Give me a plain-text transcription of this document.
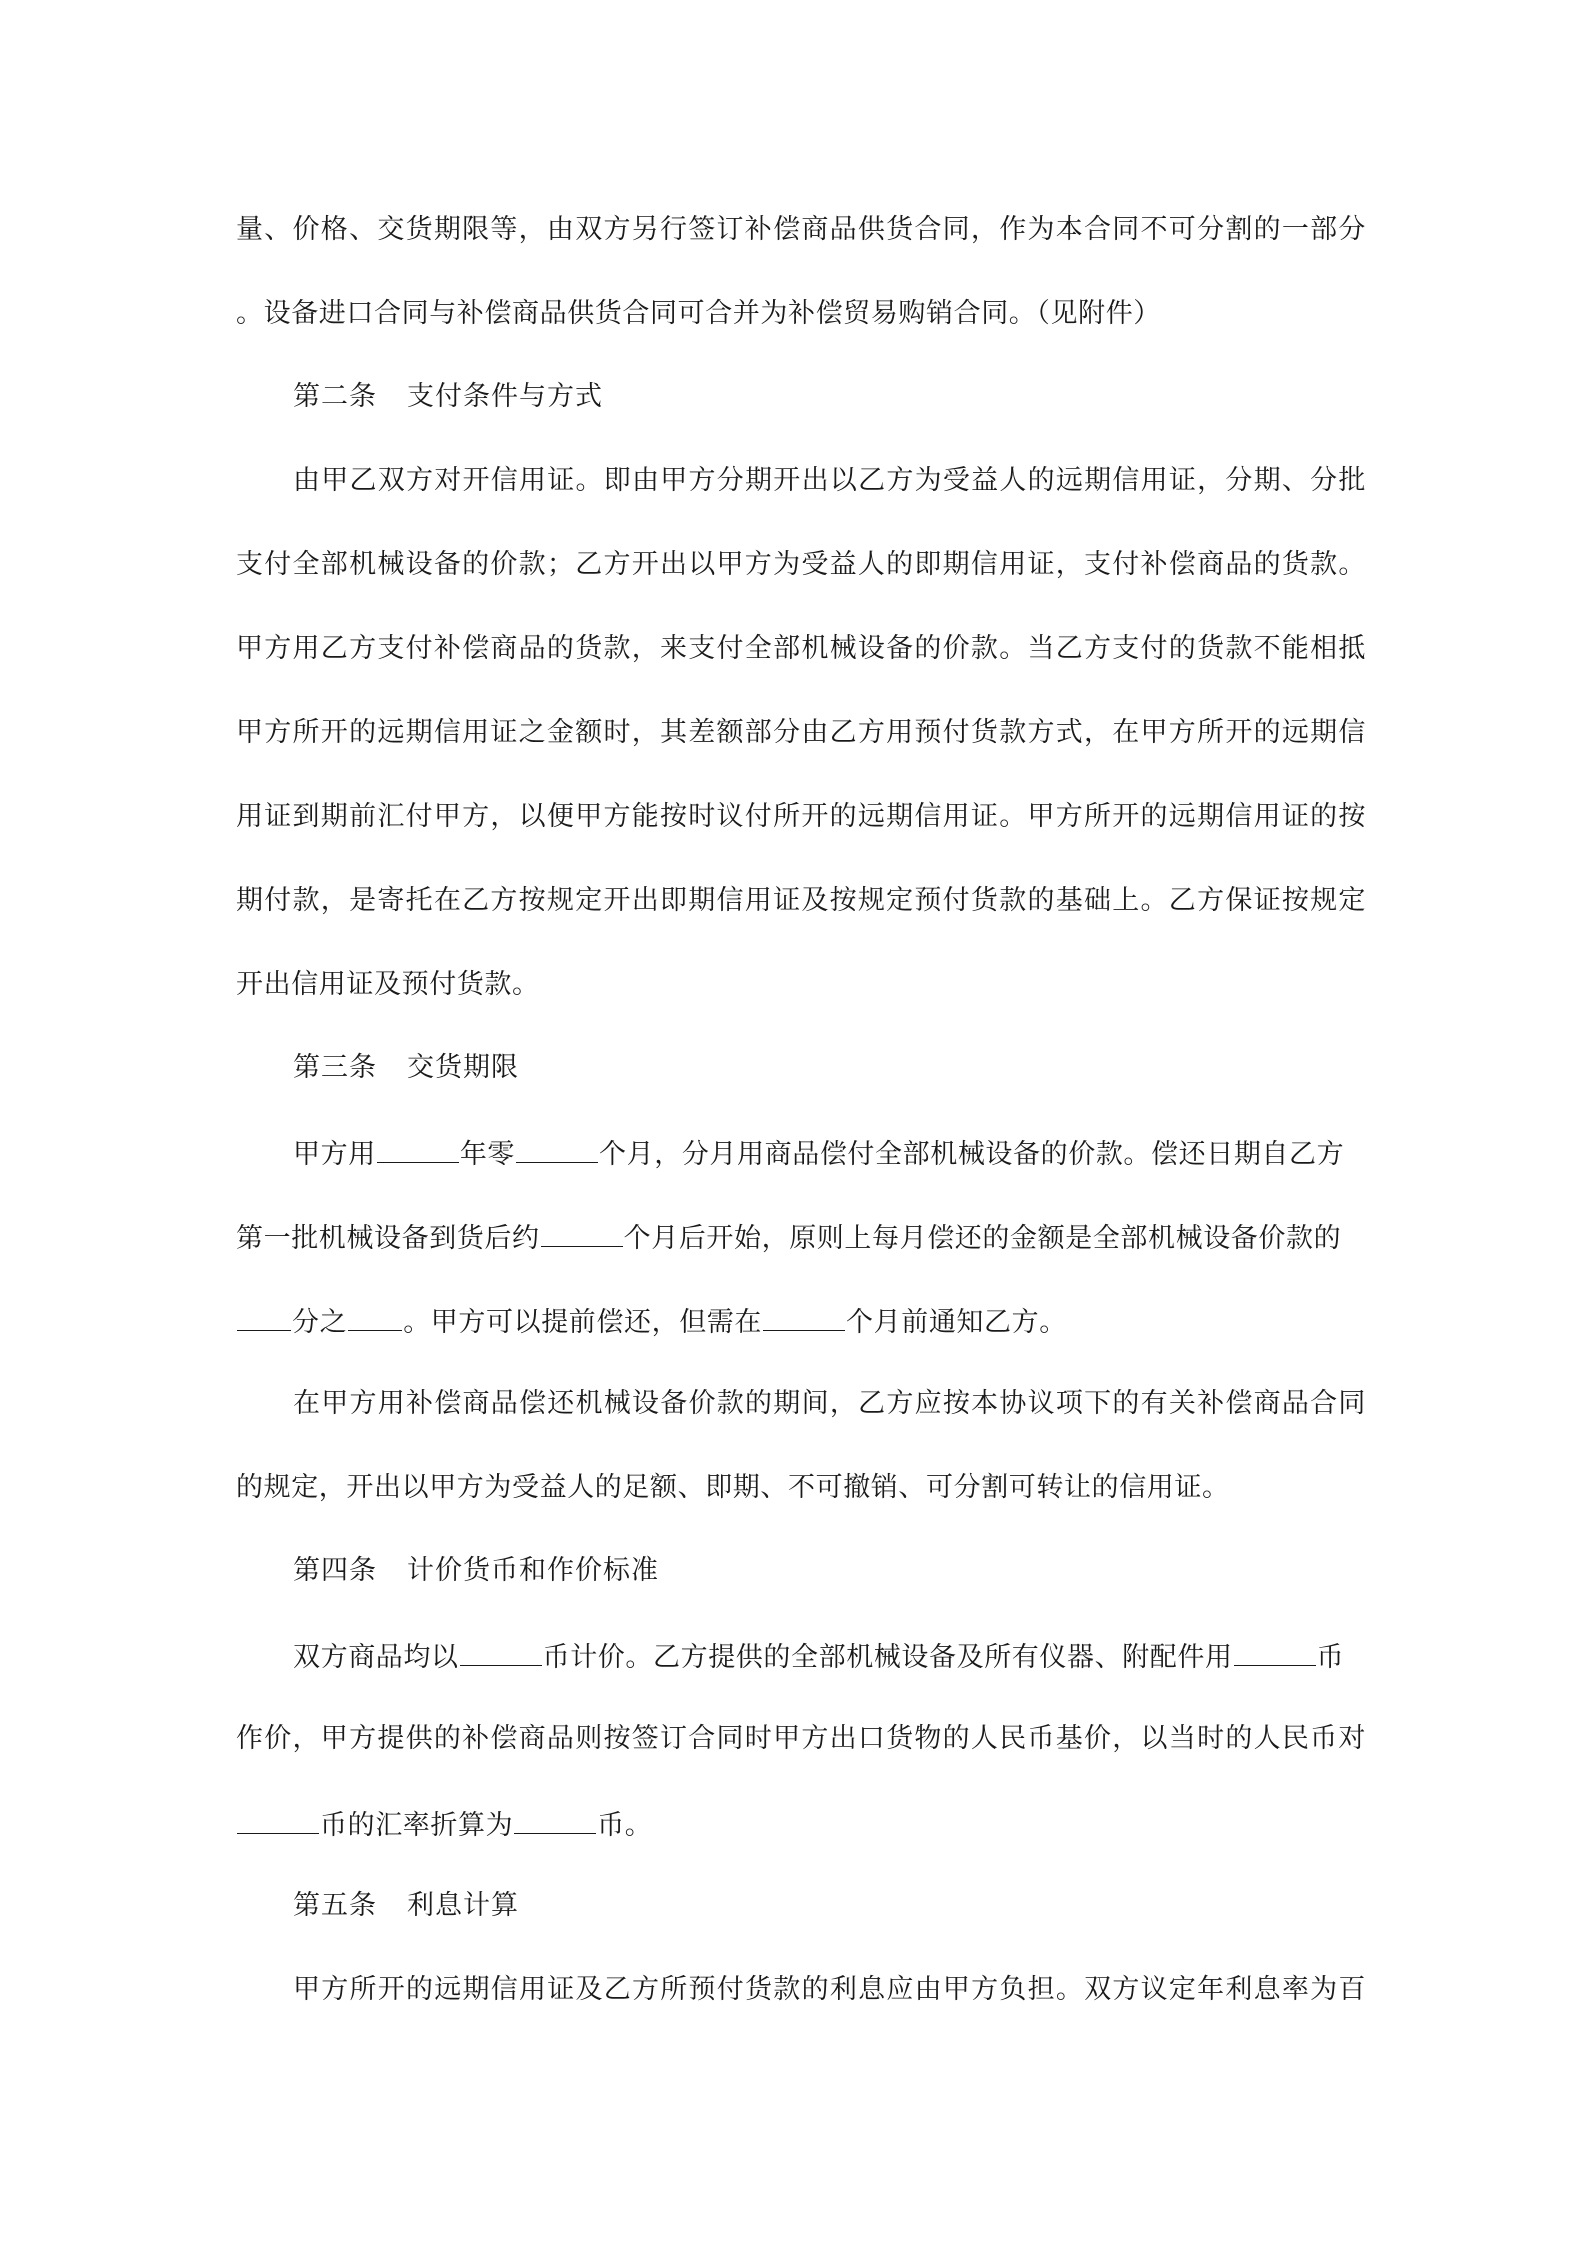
量、价格、交货期限等，由双方另行签订补偿商品供货合同，作为本合同不可分割的一部分
。设备进口合同与补偿商品供货合同可合并为补偿贸易购销合同。（见附件）
第二条 支付条件与方式
由甲乙双方对开信用证。即由甲方分期开出以乙方为受益人的远期信用证，分期、分批
支付全部机械设备的价款；乙方开出以甲方为受益人的即期信用证，支付补偿商品的货款。
甲方用乙方支付补偿商品的货款，来支付全部机械设备的价款。当乙方支付的货款不能相抵
甲方所开的远期信用证之金额时，其差额部分由乙方用预付货款方式，在甲方所开的远期信
用证到期前汇付甲方，以便甲方能按时议付所开的远期信用证。甲方所开的远期信用证的按
期付款，是寄托在乙方按规定开出即期信用证及按规定预付货款的基础上。乙方保证按规定
开出信用证及预付货款。
第三条 交货期限
甲方用	年零	个月，分月用商品偿付全部机械设备的价款。偿还日期自乙方
第一批机械设备到货后约	个月后开始，原则上每月偿还的金额是全部机械设备价款的
分之 。甲方可以提前偿还，但需在	个月前通知乙方。
在甲方用补偿商品偿还机械设备价款的期间，乙方应按本协议项下的有关补偿商品合同
的规定，开出以甲方为受益人的足额、即期、不可撤销、可分割可转让的信用证。
第四条 计价货币和作价标准
双方商品均以	币计价。乙方提供的全部机械设备及所有仪器、附配件用	币
作价，甲方提供的补偿商品则按签订合同时甲方出口货物的人民币基价，以当时的人民币对
币的汇率折算为	币。
第五条 利息计算
甲方所开的远期信用证及乙方所预付货款的利息应由甲方负担。双方议定年利息率为百
